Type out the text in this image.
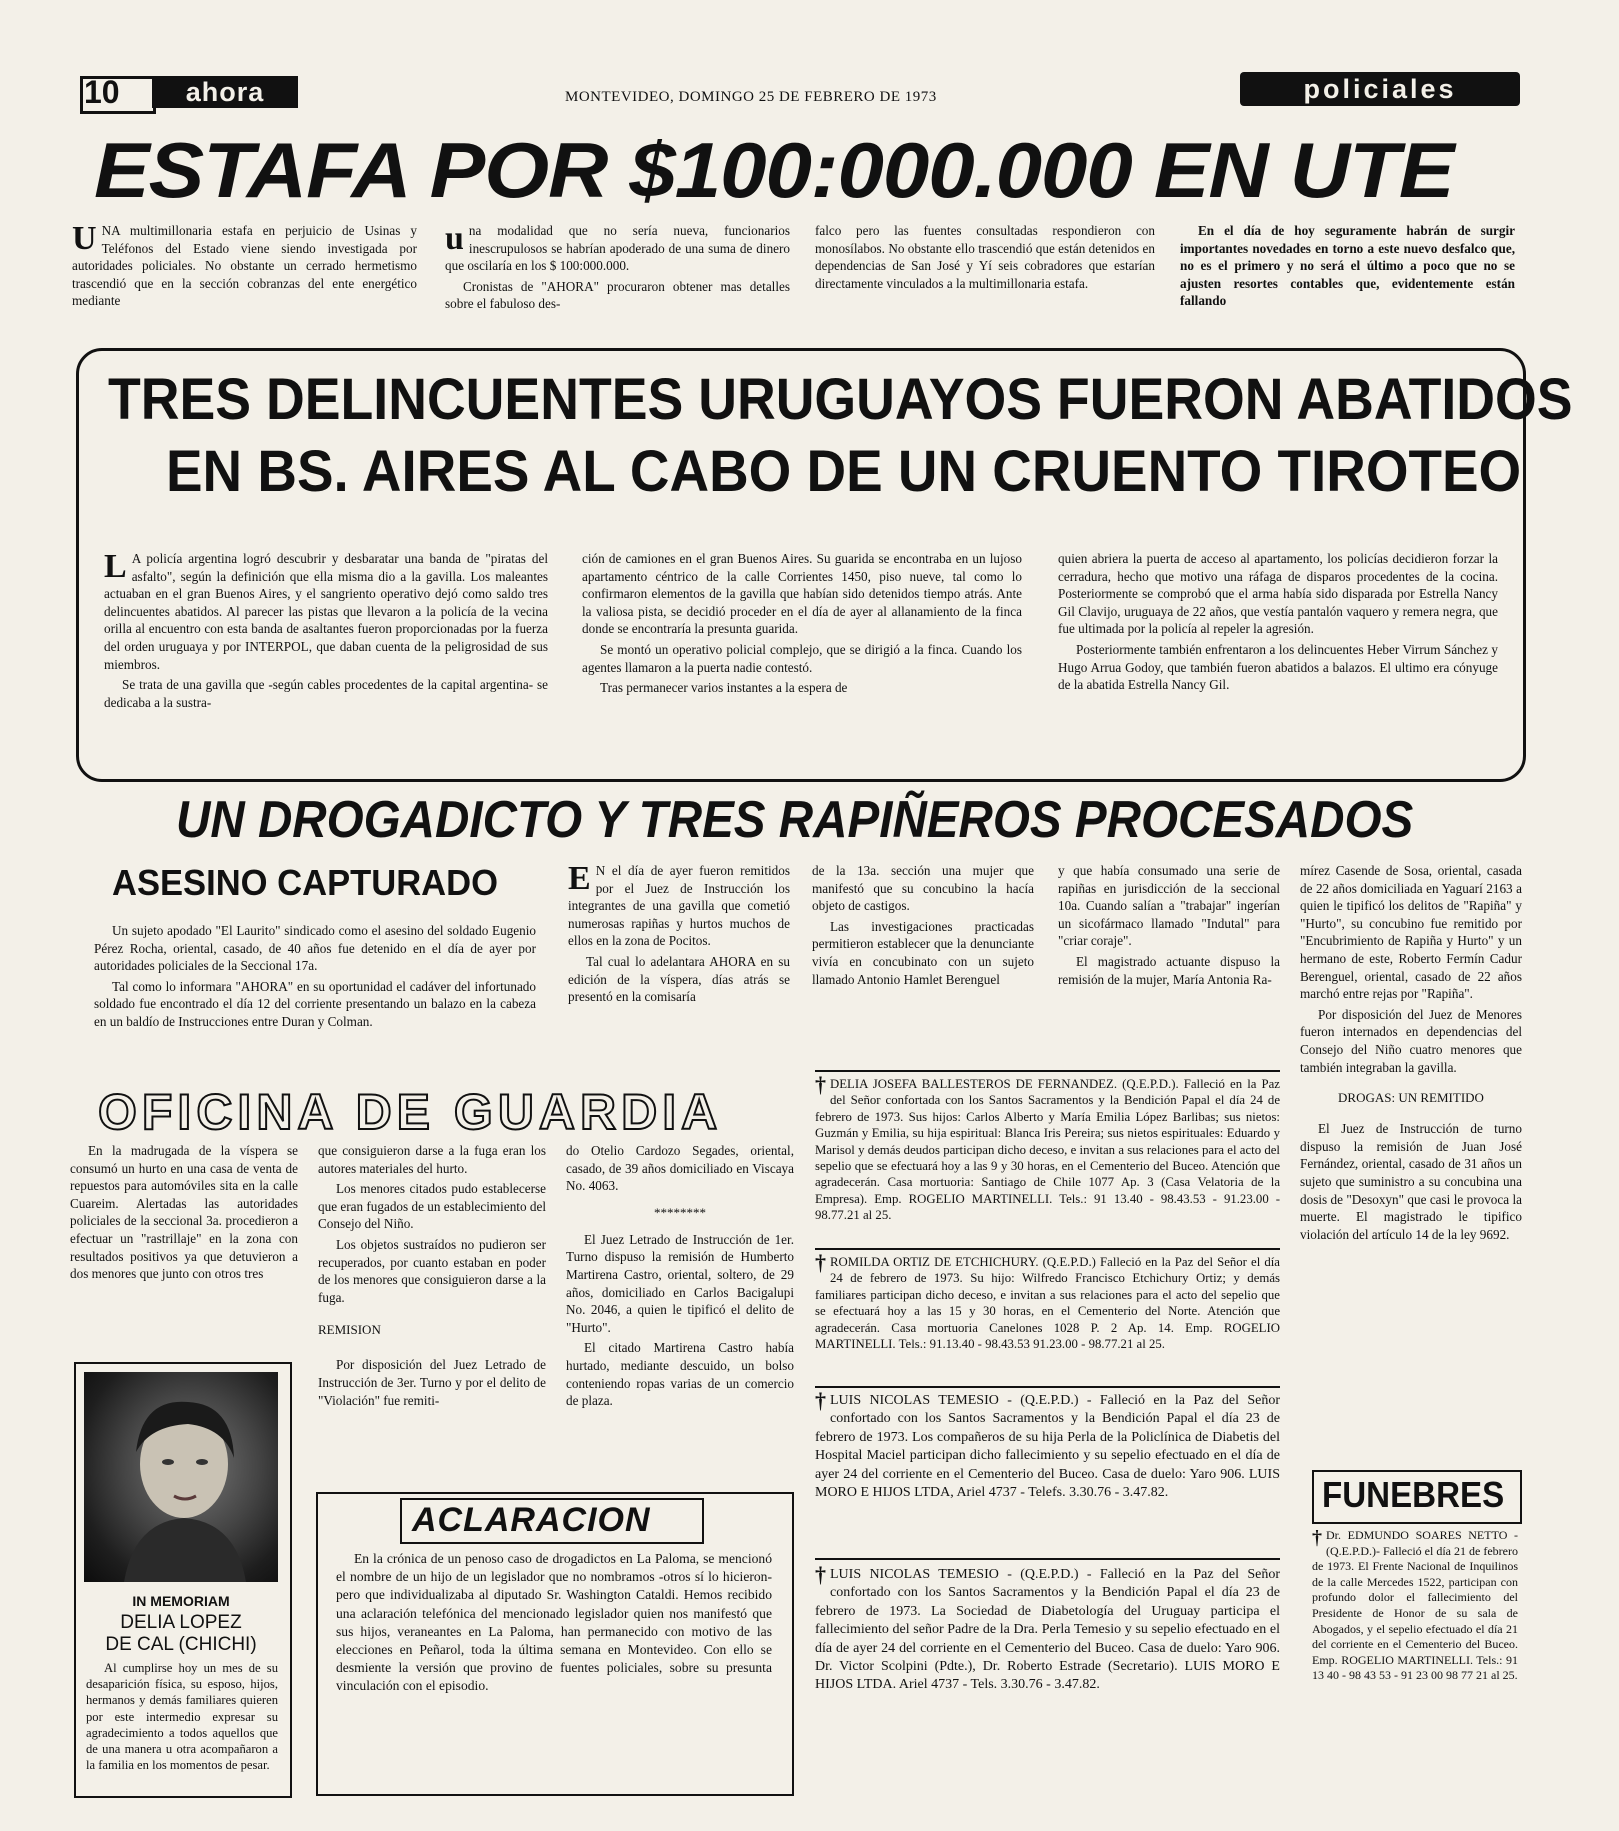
10	ahora	MONTEVIDEO, DOMINGO 25 DE FEBRERO DE 1973	policiales
ESTAFA POR $100:000.000 EN UTE

UNA multimillonaria estafa en perjuicio de Usinas y Teléfonos del Estado viene siendo investigada por autoridades policiales. No obstante un cerrado hermetismo trascendió que en la sección cobranzas del ente energético mediante

una modalidad que no sería nueva, funcionarios inescrupulosos se habrían apoderado de una suma de dinero que oscilaría en los $ 100:000.000.

Cronistas de "AHORA" procuraron obtener mas detalles sobre el fabuloso des-

falco pero las fuentes consultadas respondieron con monosílabos. No obstante ello trascendió que están detenidos en dependencias de San José y Yí seis cobradores que estarían directamente vinculados a la multimillonaria estafa.

En el día de hoy seguramente habrán de surgir importantes novedades en torno a este nuevo desfalco que, no es el primero y no será el último a poco que no se ajusten resortes contables que, evidentemente están fallando

TRES DELINCUENTES URUGUAYOS FUERON ABATIDOS
EN BS. AIRES AL CABO DE UN CRUENTO TIROTEO

LA policía argentina logró descubrir y desbaratar una banda de "piratas del asfalto", según la definición que ella misma dio a la gavilla. Los maleantes actuaban en el gran Buenos Aires, y el sangriento operativo dejó como saldo tres delincuentes abatidos. Al parecer las pistas que llevaron a la policía de la vecina orilla al encuentro con esta banda de asaltantes fueron proporcionadas por la fuerza del orden uruguaya y por INTERPOL, que daban cuenta de la peligrosidad de sus miembros.

Se trata de una gavilla que -según cables procedentes de la capital argentina- se dedicaba a la sustra-

ción de camiones en el gran Buenos Aires. Su guarida se encontraba en un lujoso apartamento céntrico de la calle Corrientes 1450, piso nueve, tal como lo confirmaron elementos de la gavilla que habían sido detenidos tiempo atrás. Ante la valiosa pista, se decidió proceder en el día de ayer al allanamiento de la finca donde se encontraría la presunta guarida.

Se montó un operativo policial complejo, que se dirigió a la finca. Cuando los agentes llamaron a la puerta nadie contestó.

Tras permanecer varios instantes a la espera de

quien abriera la puerta de acceso al apartamento, los policías decidieron forzar la cerradura, hecho que motivo una ráfaga de disparos procedentes de la cocina. Posteriormente se comprobó que el arma había sido disparada por Estrella Nancy Gil Clavijo, uruguaya de 22 años, que vestía pantalón vaquero y remera negra, que fue ultimada por la policía al repeler la agresión.

Posteriormente también enfrentaron a los delincuentes Heber Virrum Sánchez y Hugo Arrua Godoy, que también fueron abatidos a balazos. El ultimo era cónyuge de la abatida Estrella Nancy Gil.

UN DROGADICTO Y TRES RAPIÑEROS PROCESADOS
ASESINO CAPTURADO

Un sujeto apodado "El Laurito" sindicado como el asesino del soldado Eugenio Pérez Rocha, oriental, casado, de 40 años fue detenido en el día de ayer por autoridades policiales de la Seccional 17a.

Tal como lo informara "AHORA" en su oportunidad el cadáver del infortunado soldado fue encontrado el día 12 del corriente presentando un balazo en la cabeza en un baldío de Instrucciones entre Duran y Colman.

EN el día de ayer fueron remitidos por el Juez de Instrucción los integrantes de una gavilla que cometió numerosas rapiñas y hurtos muchos de ellos en la zona de Pocitos.

Tal cual lo adelantara AHORA en su edición de la víspera, días atrás se presentó en la comisaría

de la 13a. sección una mujer que manifestó que su concubino la hacía objeto de castigos.

Las investigaciones practicadas permitieron establecer que la denunciante vivía en concubinato con un sujeto llamado Antonio Hamlet Berenguel

y que había consumado una serie de rapiñas en jurisdicción de la seccional 10a. Cuando salían a "trabajar" ingerían un sicofármaco llamado "Indutal" para "criar coraje".

El magistrado actuante dispuso la remisión de la mujer, María Antonia Ra-

mírez Casende de Sosa, oriental, casada de 22 años domiciliada en Yaguarí 2163 a quien le tipificó los delitos de "Rapiña" y "Hurto", su concubino fue remitido por "Encubrimiento de Rapiña y Hurto" y un hermano de este, Roberto Fermín Cadur Berenguel, oriental, casado de 22 años marchó entre rejas por "Rapiña".

Por disposición del Juez de Menores fueron internados en dependencias del Consejo del Niño cuatro menores que también integraban la gavilla.

DROGAS: UN REMITIDO

El Juez de Instrucción de turno dispuso la remisión de Juan José Fernández, oriental, casado de 31 años un sujeto que suministro a su concubina una dosis de "Desoxyn" que casi le provoca la muerte. El magistrado le tipifico violación del artículo 14 de la ley 9692.

OFICINA DE GUARDIA

En la madrugada de la víspera se consumó un hurto en una casa de venta de repuestos para automóviles sita en la calle Cuareim. Alertadas las autoridades policiales de la seccional 3a. procedieron a efectuar un "rastrillaje" en la zona con resultados positivos ya que detuvieron a dos menores que junto con otros tres

que consiguieron darse a la fuga eran los autores materiales del hurto.

Los menores citados pudo establecerse que eran fugados de un establecimiento del Consejo del Niño.

Los objetos sustraídos no pudieron ser recuperados, por cuanto estaban en poder de los menores que consiguieron darse a la fuga.

REMISION

Por disposición del Juez Letrado de Instrucción de 3er. Turno y por el delito de "Violación" fue remiti-

do Otelio Cardozo Segades, oriental, casado, de 39 años domiciliado en Viscaya No. 4063.

********

El Juez Letrado de Instrucción de 1er. Turno dispuso la remisión de Humberto Martirena Castro, oriental, soltero, de 29 años, domiciliado en Carlos Bacigalupi No. 2046, a quien le tipificó el delito de "Hurto".

El citado Martirena Castro había hurtado, mediante descuido, un bolso conteniendo ropas varias de un comercio de plaza.

IN MEMORIAM
DELIA LOPEZ
DE CAL (CHICHI)

Al cumplirse hoy un mes de su desaparición física, su esposo, hijos, hermanos y demás familiares quieren por este intermedio expresar su agradecimiento a todos aquellos que de una manera u otra acompañaron a la familia en los momentos de pesar.

ACLARACION

En la crónica de un penoso caso de drogadictos en La Paloma, se mencionó el nombre de un hijo de un legislador que no nombramos -otros sí lo hicieron- pero que individualizaba al diputado Sr. Washington Cataldi. Hemos recibido una aclaración telefónica del mencionado legislador quien nos manifestó que sus hijos, veraneantes en La Paloma, han permanecido con motivo de las elecciones en Peñarol, toda la última semana en Montevideo. Con ello se desmiente la versión que provino de fuentes policiales, sobre su presunta vinculación con el episodio.

† DELIA JOSEFA BALLESTEROS DE FERNANDEZ. (Q.E.P.D.). Falleció en la Paz del Señor confortada con los Santos Sacramentos y la Bendición Papal el día 24 de febrero de 1973. Sus hijos: Carlos Alberto y María Emilia López Barlibas; sus nietos: Guzmán y Emilia, su hija espiritual: Blanca Iris Pereira; sus nietos espirituales: Eduardo y Marisol y demás deudos participan dicho deceso, e invitan a sus relaciones para el acto del sepelio que se efectuará hoy a las 9 y 30 horas, en el Cementerio del Buceo. Atención que agradecerán. Casa mortuoria: Santiago de Chile 1077 Ap. 3 (Casa Velatoria de la Empresa). Emp. ROGELIO MARTINELLI. Tels.: 91 13.40 - 98.43.53 - 91.23.00 - 98.77.21 al 25.
† ROMILDA ORTIZ DE ETCHICHURY. (Q.E.P.D.) Falleció en la Paz del Señor el día 24 de febrero de 1973. Su hijo: Wilfredo Francisco Etchichury Ortiz; y demás familiares participan dicho deceso, e invitan a sus relaciones para el acto del sepelio que se efectuará hoy a las 15 y 30 horas, en el Cementerio del Norte. Atención que agradecerán. Casa mortuoria Canelones 1028 P. 2 Ap. 14. Emp. ROGELIO MARTINELLI. Tels.: 91.13.40 - 98.43.53 91.23.00 - 98.77.21 al 25.
† LUIS NICOLAS TEMESIO - (Q.E.P.D.) - Falleció en la Paz del Señor confortado con los Santos Sacramentos y la Bendición Papal el día 23 de febrero de 1973. Los compañeros de su hija Perla de la Policlínica de Diabetis del Hospital Maciel participan dicho fallecimiento y su sepelio efectuado en el día de ayer 24 del corriente en el Cementerio del Buceo. Casa de duelo: Yaro 906. LUIS MORO E HIJOS LTDA, Ariel 4737 - Telefs. 3.30.76 - 3.47.82.
† LUIS NICOLAS TEMESIO - (Q.E.P.D.) - Falleció en la Paz del Señor confortado con los Santos Sacramentos y la Bendición Papal el día 23 de febrero de 1973. La Sociedad de Diabetología del Uruguay participa el fallecimiento del señor Padre de la Dra. Perla Temesio y su sepelio efectuado en el día de ayer 24 del corriente en el Cementerio del Buceo. Casa de duelo: Yaro 906. Dr. Victor Scolpini (Pdte.), Dr. Roberto Estrade (Secretario). LUIS MORO E HIJOS LTDA. Ariel 4737 - Tels. 3.30.76 - 3.47.82.
FUNEBRES

† Dr. EDMUNDO SOARES NETTO -(Q.E.P.D.)- Falleció el día 21 de febrero de 1973. El Frente Nacional de Inquilinos de la calle Mercedes 1522, participan con profundo dolor el fallecimiento del Presidente de Honor de su sala de Abogados, y el sepelio efectuado el día 21 del corriente en el Cementerio del Buceo. Emp. ROGELIO MARTINELLI. Tels.: 91 13 40 - 98 43 53 - 91 23 00 98 77 21 al 25.
